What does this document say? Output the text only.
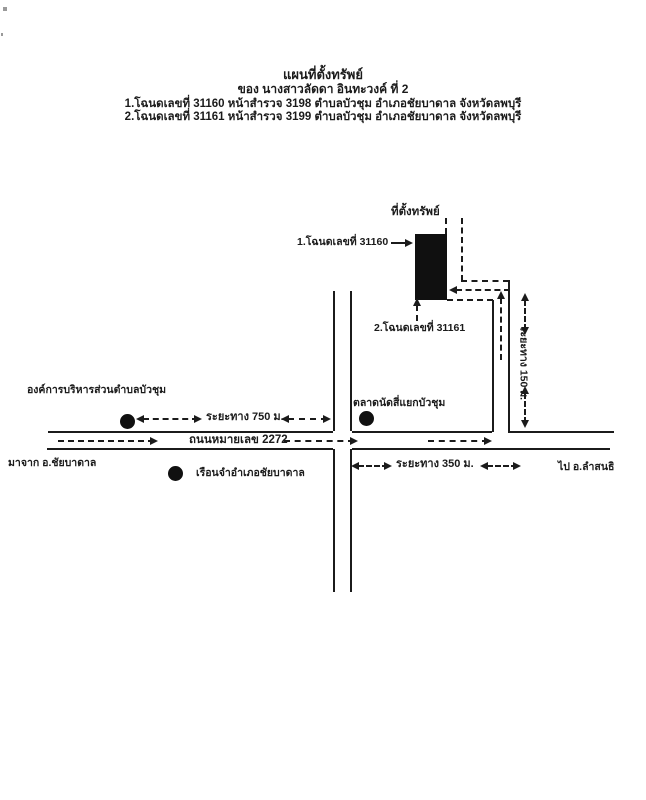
แผนที่ตั้งทรัพย์
ของ นางสาวลัดดา อินทะวงค์ ที่ 2
1.โฉนดเลขที่ 31160 หน้าสำรวจ 3198 ตำบลบัวชุม อำเภอชัยบาดาล จังหวัดลพบุรี
2.โฉนดเลขที่ 31161 หน้าสำรวจ 3199 ตำบลบัวชุม อำเภอชัยบาดาล จังหวัดลพบุรี
ที่ตั้งทรัพย์
1.โฉนดเลขที่ 31160
2.โฉนดเลขที่ 31161	ระยะทาง 150 ม.
ถนนหมายเลข 2272
องค์การบริหารส่วนตำบลบัวชุม
ระยะทาง 750 ม.
ตลาดนัดสี่แยกบัวชุม
มาจาก อ.ชัยบาดาล
เรือนจำอำเภอชัยบาดาล
ระยะทาง 350 ม.	ไป อ.ลำสนธิ
